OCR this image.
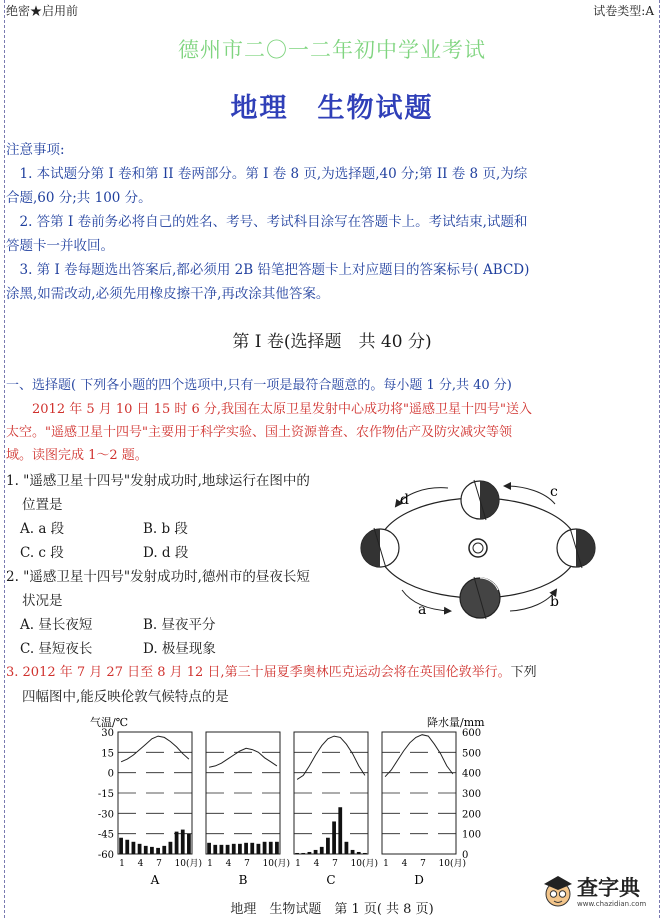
绝密★启用前	试卷类型:A
德州市二〇一二年初中学业考试
地理　生物试题
注意事项:
　1. 本试题分第 I 卷和第 II 卷两部分。第 I 卷 8 页,为选择题,40 分;第 II 卷 8 页,为综
合题,60 分;共 100 分。
　2. 答第 I 卷前务必将自己的姓名、考号、考试科目涂写在答题卡上。考试结束,试题和
答题卡一并收回。
　3. 第 I 卷每题选出答案后,都必须用 2B 铅笔把答题卡上对应题目的答案标号( ABCD)
涂黑,如需改动,必须先用橡皮擦干净,再改涂其他答案。
第 I 卷(选择题　共 40 分)
一、选择题( 下列各小题的四个选项中,只有一项是最符合题意的。每小题 1 分,共 40 分)
　　2012 年 5 月 10 日 15 时 6 分,我国在太原卫星发射中心成功将"遥感卫星十四号"送入
太空。"遥感卫星十四号"主要用于科学实验、国土资源普查、农作物估产及防灾减灾等领
域。读图完成 1～2 题。
1. "遥感卫星十四号"发射成功时,地球运行在图中的
位置是
A. a 段	B. b 段
C. c 段	D. d 段
2. "遥感卫星十四号"发射成功时,德州市的昼夜长短
状况是
A. 昼长夜短	B. 昼夜平分
C. 昼短夜长	D. 极昼现象
3. 2012 年 7 月 27 日至 8 月 12 日,第三十届夏季奥林匹克运动会将在英国伦敦举行。下列
四幅图中,能反映伦敦气候特点的是
d	c
a	b
气温/℃	降水量/mm
30
15
0
-15
-30
-45
-60
600
500
400
300
200
100
0
1 4 7 10(月)
A
1 4 7 10(月)
B
1 4 7 10(月)
C
1 4 7 10(月)
D
地理　生物试题　第 1 页( 共 8 页)
查字典
www.chazidian.com
